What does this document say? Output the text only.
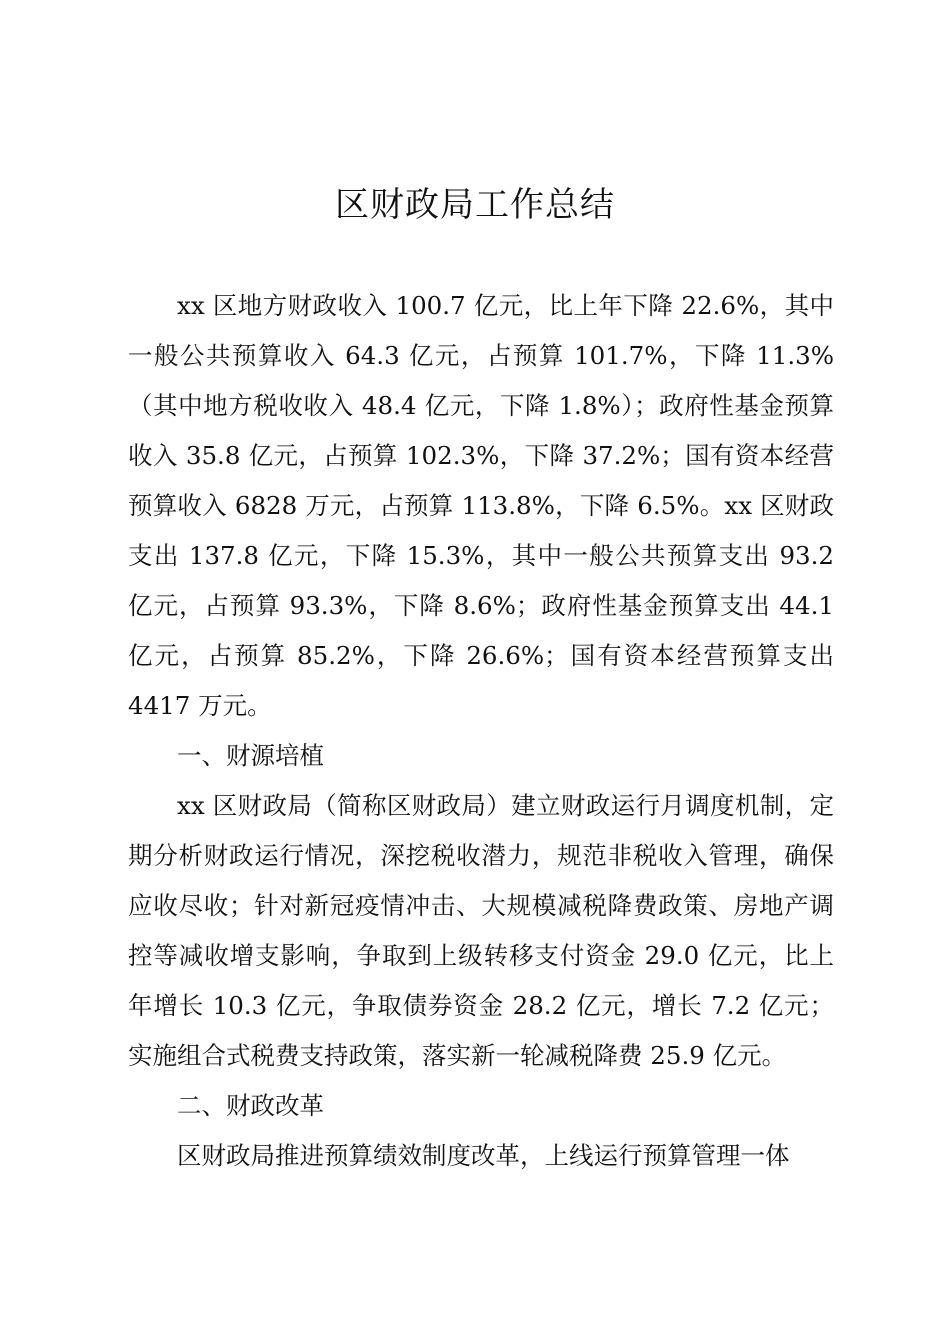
区财政局工作总结

xx 区地方财政收入 100.7 亿元，比上年下降 22.6%，其中一般公共预算收入 64.3 亿元，占预算 101.7%，下降 11.3%（其中地方税收收入 48.4 亿元，下降 1.8%）；政府性基金预算收入 35.8 亿元，占预算 102.3%，下降 37.2%；国有资本经营预算收入 6828 万元，占预算 113.8%，下降 6.5%。xx 区财政支出 137.8 亿元，下降 15.3%，其中一般公共预算支出 93.2 亿元，占预算 93.3%，下降 8.6%；政府性基金预算支出 44.1 亿元，占预算 85.2%，下降 26.6%；国有资本经营预算支出 4417 万元。

一、财源培植

xx 区财政局（简称区财政局）建立财政运行月调度机制，定期分析财政运行情况，深挖税收潜力，规范非税收入管理，确保应收尽收；针对新冠疫情冲击、大规模减税降费政策、房地产调控等减收增支影响，争取到上级转移支付资金 29.0 亿元，比上年增长 10.3 亿元，争取债券资金 28.2 亿元，增长 7.2 亿元；实施组合式税费支持政策，落实新一轮减税降费 25.9 亿元。

二、财政改革

区财政局推进预算绩效制度改革，上线运行预算管理一体
